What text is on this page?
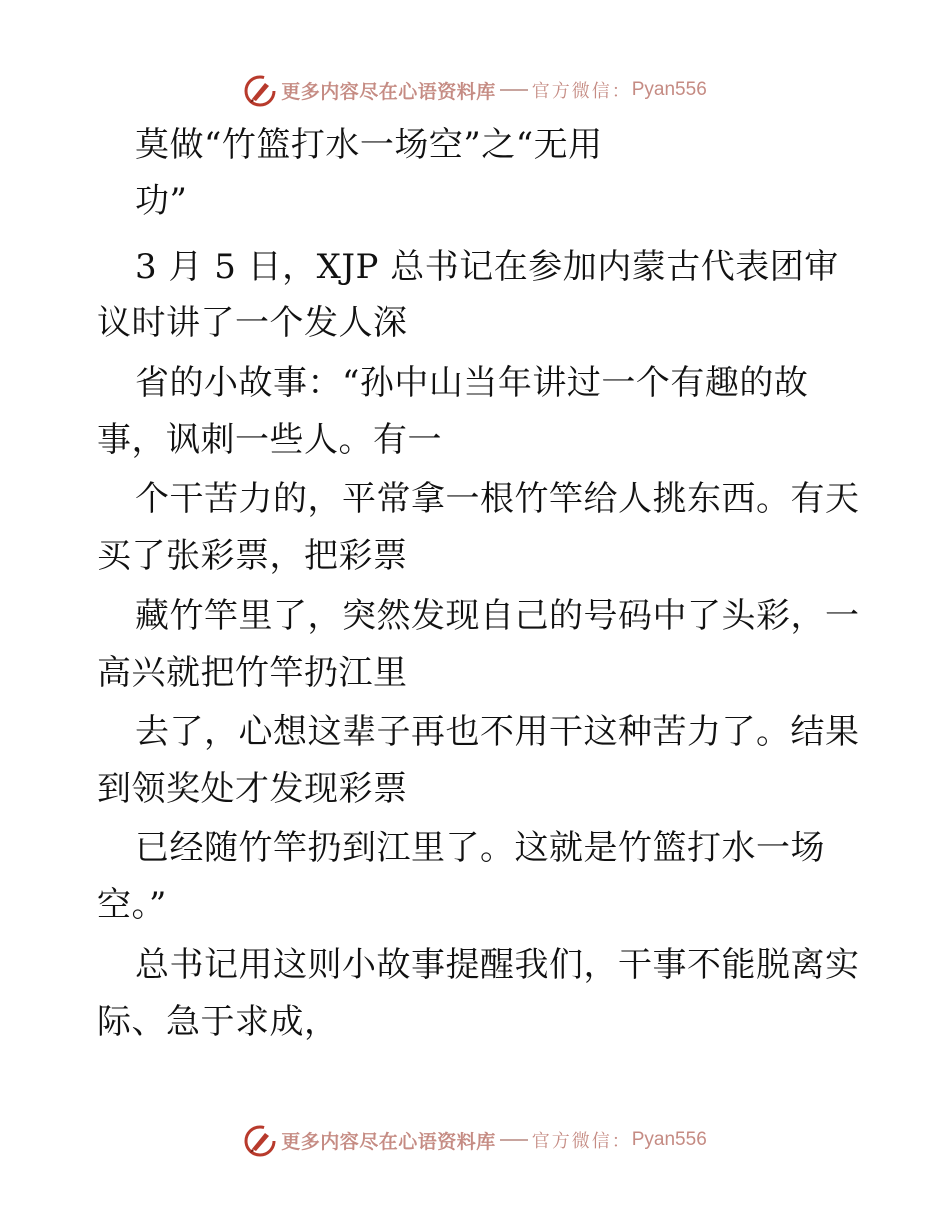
更多内容尽在心语资料库 官方微信： Pyan556
莫做“竹篮打水一场空”之“无用
功”
3 月 5 日，XJP 总书记在参加内蒙古代表团审
议时讲了一个发人深
省的小故事：“孙中山当年讲过一个有趣的故
事，讽刺一些人。有一
个干苦力的，平常拿一根竹竿给人挑东西。有天
买了张彩票，把彩票
藏竹竿里了，突然发现自己的号码中了头彩，一
高兴就把竹竿扔江里
去了，心想这辈子再也不用干这种苦力了。结果
到领奖处才发现彩票
已经随竹竿扔到江里了。这就是竹篮打水一场
空。”
总书记用这则小故事提醒我们，干事不能脱离实
际、急于求成，
更多内容尽在心语资料库 官方微信： Pyan556
